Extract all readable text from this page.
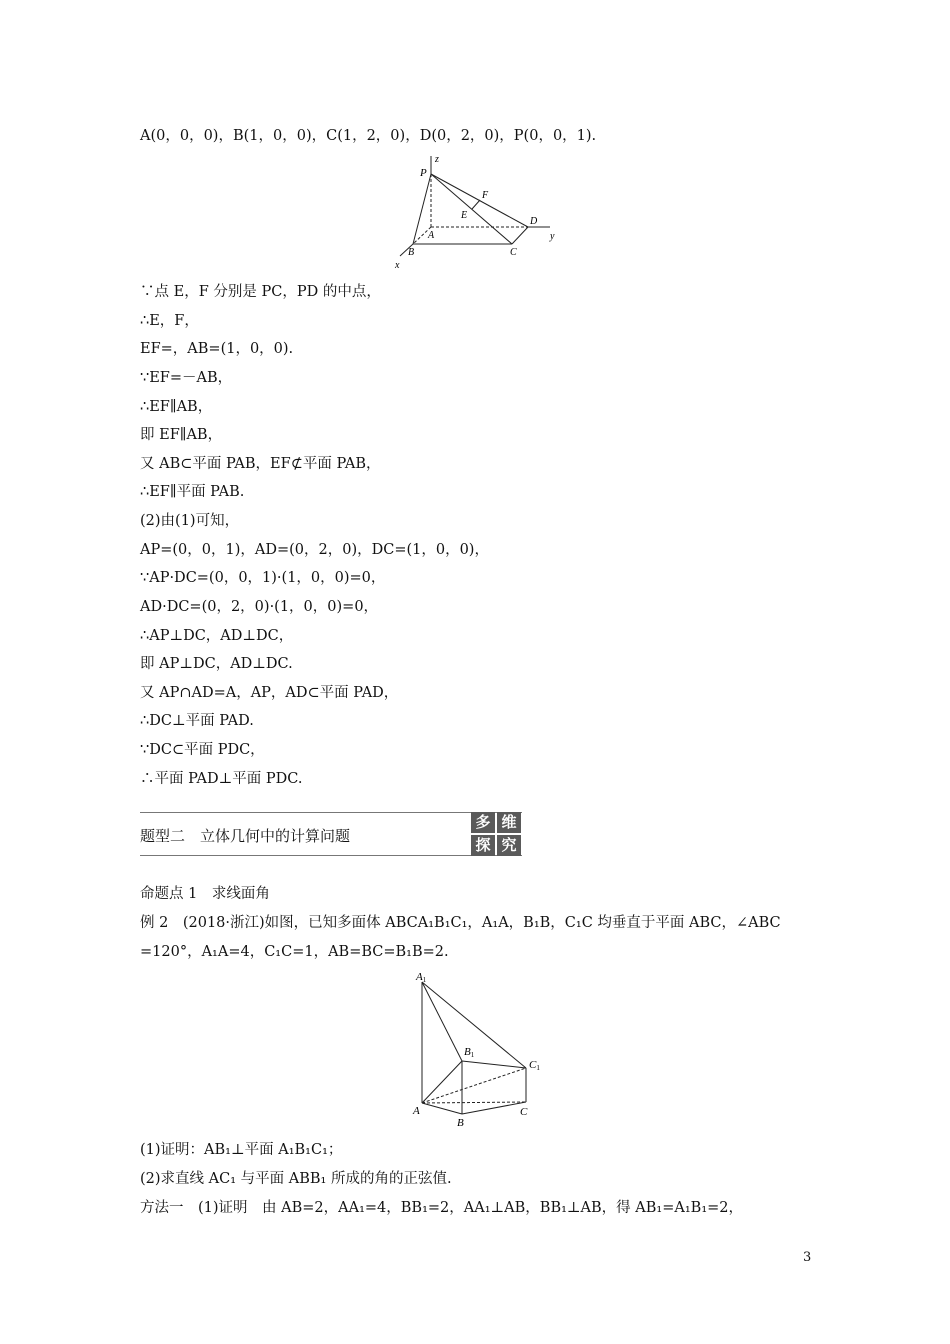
A(0，0，0)，B(1，0，0)，C(1，2，0)，D(0，2，0)，P(0，0，1).
z
P
F
E
D
y
A
B	C
x
∵点 E，F 分别是 PC，PD 的中点，
∴E，F，
EF=，AB=(1，0，0).
∵EF=－AB，
∴EF∥AB，
即 EF∥AB，
又 AB⊂平面 PAB，EF⊄平面 PAB，
∴EF∥平面 PAB.
(2)由(1)可知，
AP=(0，0，1)，AD=(0，2，0)，DC=(1，0，0)，
∵AP·DC=(0，0，1)·(1，0，0)=0，
AD·DC=(0，2，0)·(1，0，0)=0，
∴AP⊥DC，AD⊥DC，
即 AP⊥DC，AD⊥DC.
又 AP∩AD=A，AP，AD⊂平面 PAD，
∴DC⊥平面 PAD.
∵DC⊂平面 PDC，
∴平面 PAD⊥平面 PDC.
题型二　立体几何中的计算问题
多 维
探 究
命题点 1　求线面角
例 2　(2018·浙江)如图，已知多面体 ABCA₁B₁C₁，A₁A，B₁B，C₁C 均垂直于平面 ABC，∠ABC
=120°，A₁A=4，C₁C=1，AB=BC=B₁B=2.
A1
B1
C1
A
B
C
(1)证明：AB₁⊥平面 A₁B₁C₁；
(2)求直线 AC₁ 与平面 ABB₁ 所成的角的正弦值.
方法一　(1)证明　由 AB=2，AA₁=4，BB₁=2，AA₁⊥AB，BB₁⊥AB，得 AB₁=A₁B₁=2，
3
